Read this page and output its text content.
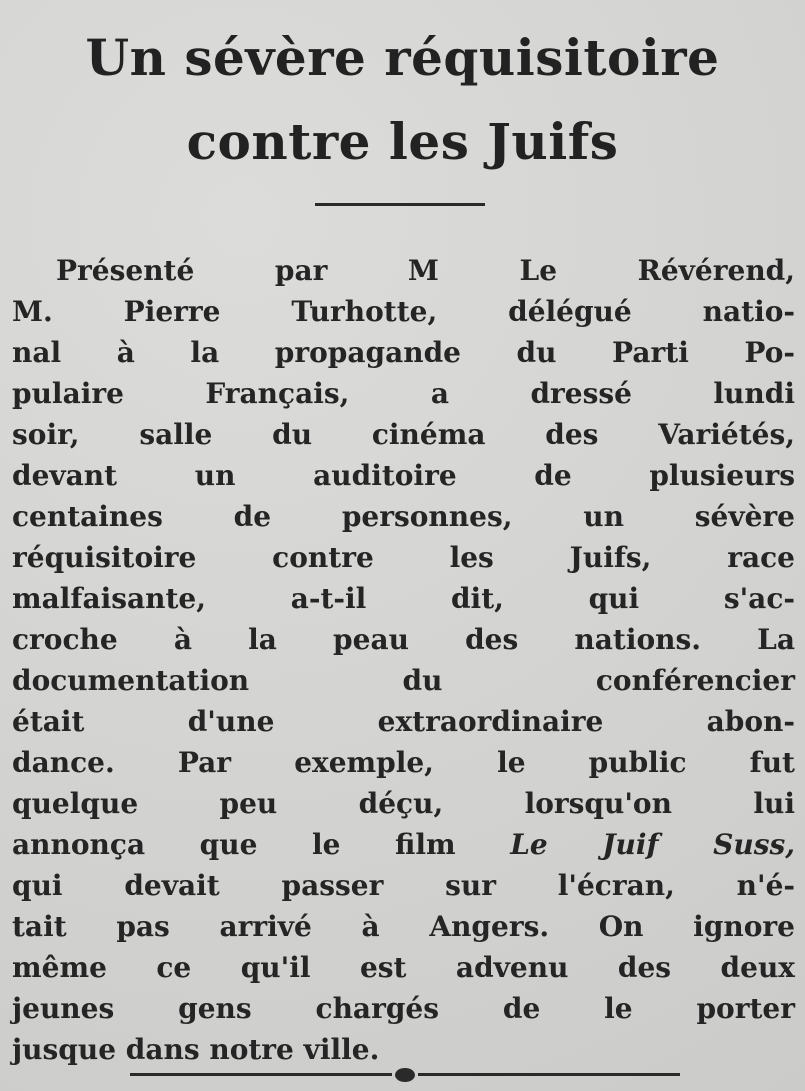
Un sévère réquisitoire
contre les Juifs
Présenté par M Le Révérend,
M. Pierre Turhotte, délégué natio-
nal à la propagande du Parti Po-
pulaire Français, a dressé lundi
soir, salle du cinéma des Variétés,
devant un auditoire de plusieurs
centaines de personnes, un sévère
réquisitoire contre les Juifs, race
malfaisante, a-t-il dit, qui s'ac-
croche à la peau des nations. La
documentation du conférencier
était d'une extraordinaire abon-
dance. Par exemple, le public fut
quelque peu déçu, lorsqu'on lui
annonça que le film Le Juif Suss,
qui devait passer sur l'écran, n'é-
tait pas arrivé à Angers. On ignore
même ce qu'il est advenu des deux
jeunes gens chargés de le porter
jusque dans notre ville.
